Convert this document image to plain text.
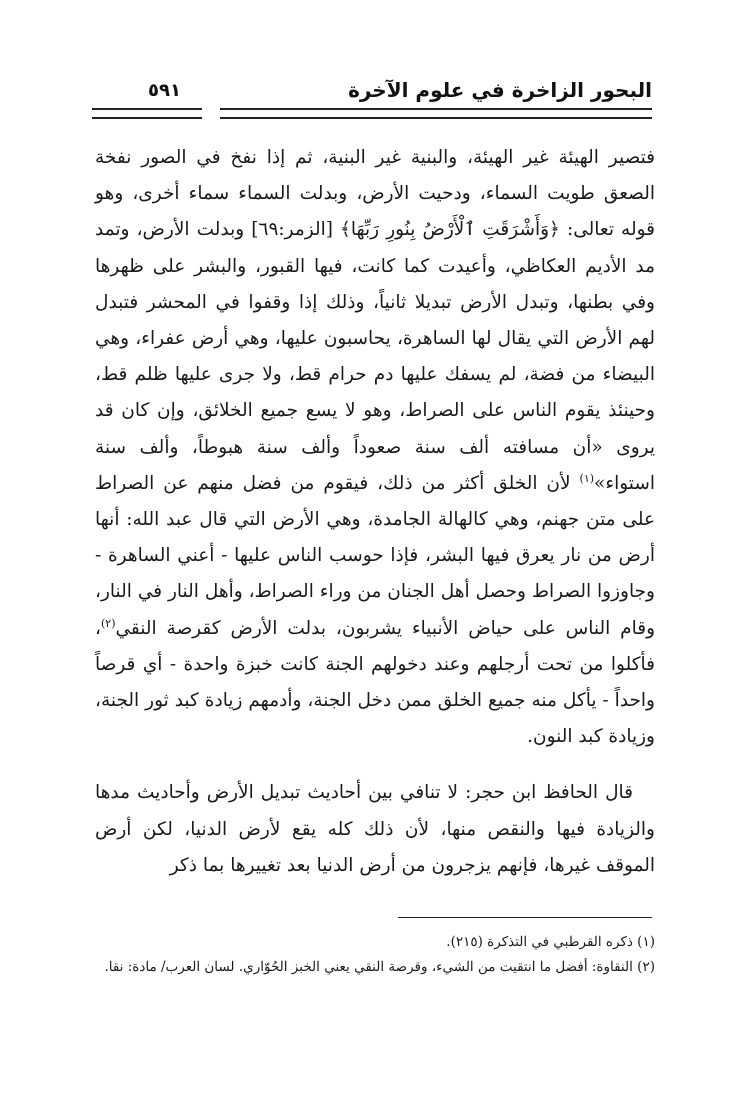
البحور الزاخرة في علوم الآخرة
٥٩١

فتصير الهيئة غير الهيئة، والبنية غير البنية، ثم إذا نفخ في الصور نفخة الصعق طويت السماء، ودحيت الأرض، وبدلت السماء سماء أخرى، وهو قوله تعالى: ﴿وَأَشْرَقَتِ ٱلْأَرْضُ بِنُورِ رَبِّهَا﴾ [الزمر:٦٩] وبدلت الأرض، وتمد مد الأديم العكاظي، وأعيدت كما كانت، فيها القبور، والبشر على ظهرها وفي بطنها، وتبدل الأرض تبديلا ثانياً، وذلك إذا وقفوا في المحشر فتبدل لهم الأرض التي يقال لها الساهرة، يحاسبون عليها، وهي أرض عفراء، وهي البيضاء من فضة، لم يسفك عليها دم حرام قط، ولا جرى عليها ظلم قط، وحينئذ يقوم الناس على الصراط، وهو لا يسع جميع الخلائق، وإن كان قد يروى «أن مسافته ألف سنة صعوداً وألف سنة هبوطاً، وألف سنة استواء»$^{(١)}$ لأن الخلق أكثر من ذلك، فيقوم من فضل منهم عن الصراط على متن جهنم، وهي كالهالة الجامدة، وهي الأرض التي قال عبد الله: أنها أرض من نار يعرق فيها البشر، فإذا حوسب الناس عليها - أعني الساهرة - وجاوزوا الصراط وحصل أهل الجنان من وراء الصراط، وأهل النار في النار، وقام الناس على حياض الأنبياء يشربون، بدلت الأرض كقرصة النقي$^{(٢)}$، فأكلوا من تحت أرجلهم وعند دخولهم الجنة كانت خبزة واحدة - أي قرصاً واحداً - يأكل منه جميع الخلق ممن دخل الجنة، وأدمهم زيادة كبد ثور الجنة، وزيادة كبد النون.

قال الحافظ ابن حجر: لا تنافي بين أحاديث تبديل الأرض وأحاديث مدها والزيادة فيها والنقص منها، لأن ذلك كله يقع لأرض الدنيا، لكن أرض الموقف غيرها، فإنهم يزجرون من أرض الدنيا بعد تغييرها بما ذكر

(١) ذكره القرطبي في التذكرة (٢١٥).

(٢) النقاوة: أفضل ما انتقيت من الشيء، وقرصة النقي يعني الخبز الحُوّاري. لسان العرب/ مادة: نقا.
